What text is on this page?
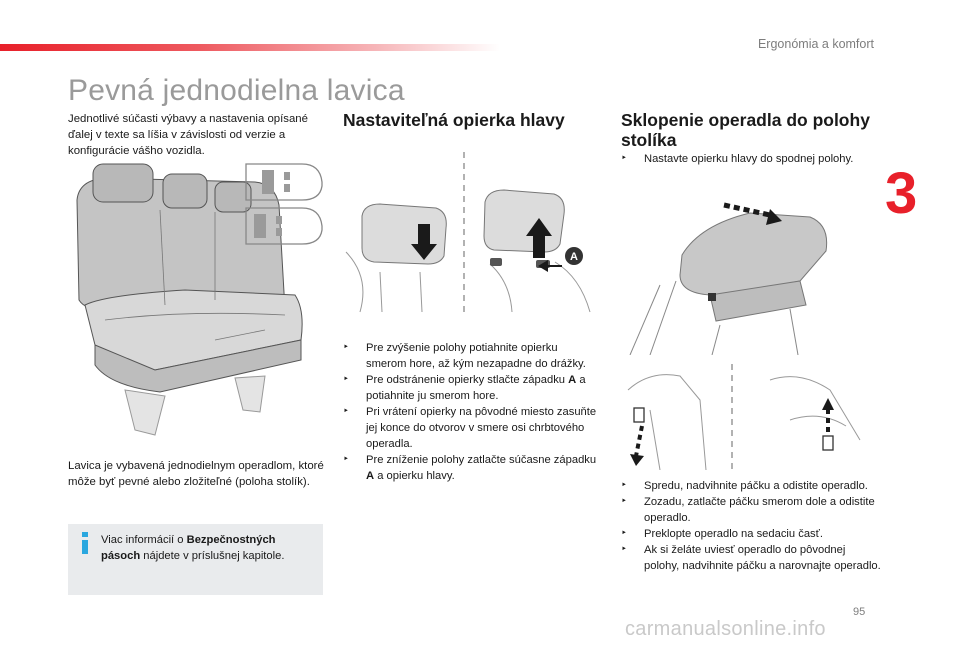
Ergonómia a komfort
3
Pevná jednodielna lavica

Jednotlivé súčasti výbavy a nastavenia opísané ďalej v texte sa líšia v závislosti od verzie a konfigurácie vášho vozidla.

A

Lavica je vybavená jednodielnym operadlom, ktoré môže byť pevné alebo zložiteľné (poloha stolík).

Viac informácií o Bezpečnostných pásoch nájdete v príslušnej kapitole.

Nastaviteľná opierka hlavy
‣ Pre zvýšenie polohy potiahnite opierku smerom hore, až kým nezapadne do drážky.
‣ Pre odstránenie opierky stlačte západku A a potiahnite ju smerom hore.
‣ Pri vrátení opierky na pôvodné miesto zasuňte jej konce do otvorov v smere osi chrbtového operadla.
‣ Pre zníženie polohy zatlačte súčasne západku A a opierku hlavy.
Sklopenie operadla do polohy stolíka
‣ Nastavte opierku hlavy do spodnej polohy.
‣ Spredu, nadvihnite páčku a odistite operadlo.
‣ Zozadu, zatlačte páčku smerom dole a odistite operadlo.
‣ Preklopte operadlo na sedaciu časť.
‣ Ak si želáte uviesť operadlo do pôvodnej polohy, nadvihnite páčku a narovnajte operadlo.
95
carmanualsonline.info
